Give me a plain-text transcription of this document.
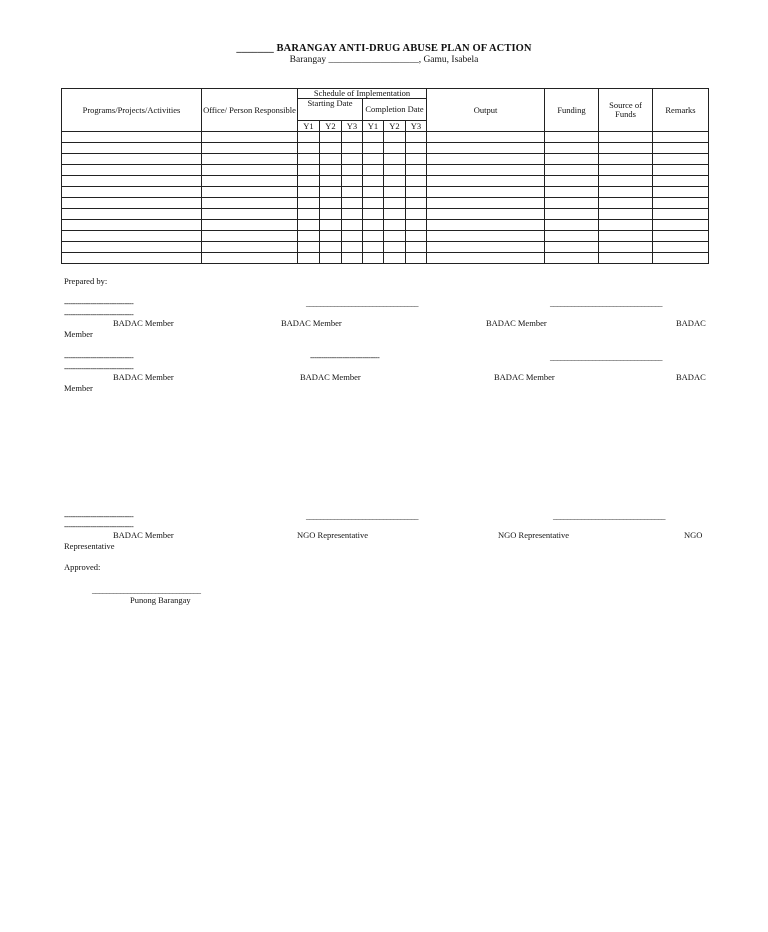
_______ BARANGAY ANTI-DRUG ABUSE PLAN OF ACTION
Barangay ___________________, Gamu, Isabela
Programs/Projects/Activities	Office/ Person Responsible	Schedule of Implementation						Output	Funding	Source of Funds	Remarks
		Starting Date			Completion Date						
		Y1	Y2	Y3	Y1	Y2	Y3				

Prepared by:
--------------------------------
--------------------------------
________________________________	________________________________
BADAC Member	BADAC Member	BADAC Member	BADAC
Member
--------------------------------
--------------------------------
--------------------------------	________________________________
BADAC Member	BADAC Member	BADAC Member	BADAC
Member
--------------------------------
--------------------------------
________________________________	________________________________
BADAC Member	NGO Representative	NGO Representative	NGO
Representative
Approved:
_______________________________
Punong Barangay
